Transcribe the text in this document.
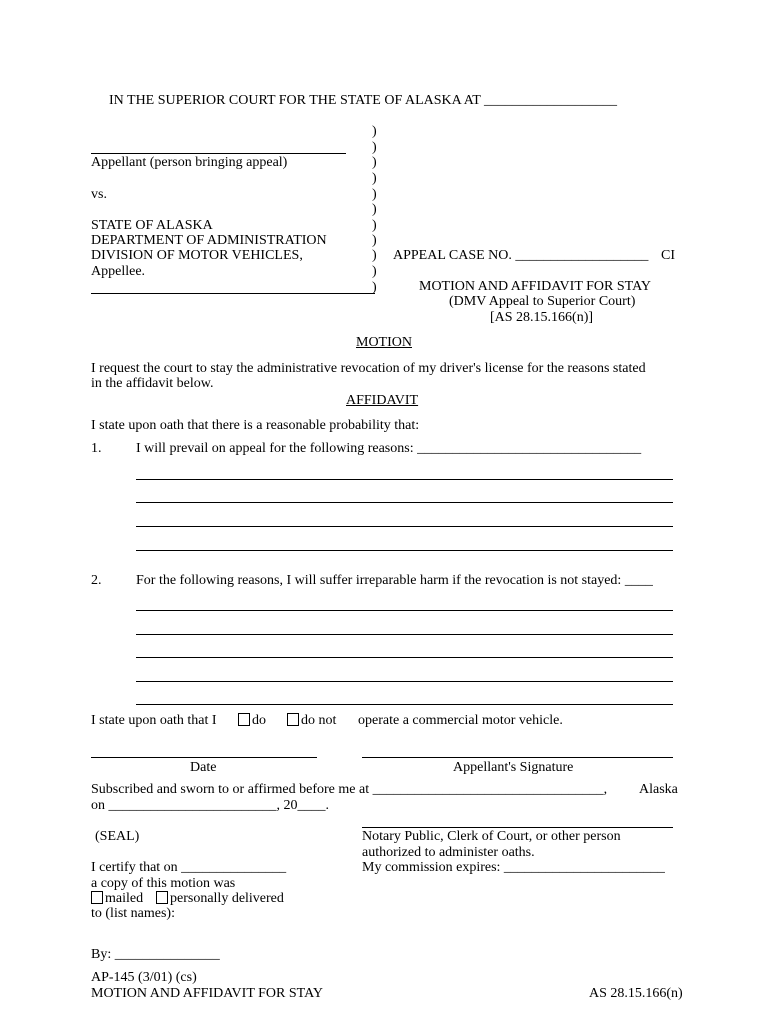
IN THE SUPERIOR COURT FOR THE STATE OF ALASKA AT ___________________
Appellant (person bringing appeal)
vs.
STATE OF ALASKA
DEPARTMENT OF ADMINISTRATION
DIVISION OF MOTOR VEHICLES,
Appellee.
)
)
)
)
)
)
)
)
)
)
)
APPEAL CASE NO. ___________________ CI
MOTION AND AFFIDAVIT FOR STAY
(DMV Appeal to Superior Court)
[AS 28.15.166(n)]
MOTION
I request the court to stay the administrative revocation of my driver's license for the reasons stated
in the affidavit below.
AFFIDAVIT
I state upon oath that there is a reasonable probability that:
1. I will prevail on appeal for the following reasons: ________________________________
2. For the following reasons, I will suffer irreparable harm if the revocation is not stayed: ____
I state upon oath that I	do	do not operate a commercial motor vehicle.
Date	Appellant's Signature
Subscribed and sworn to or affirmed before me at _________________________________, Alaska
on ________________________, 20____.
(SEAL)	Notary Public, Clerk of Court, or other person
authorized to administer oaths.
My commission expires: _______________________
I certify that on _______________
a copy of this motion was
mailed	personally delivered
to (list names):
By: _______________
AP-145 (3/01) (cs)
MOTION AND AFFIDAVIT FOR STAY	AS 28.15.166(n)
